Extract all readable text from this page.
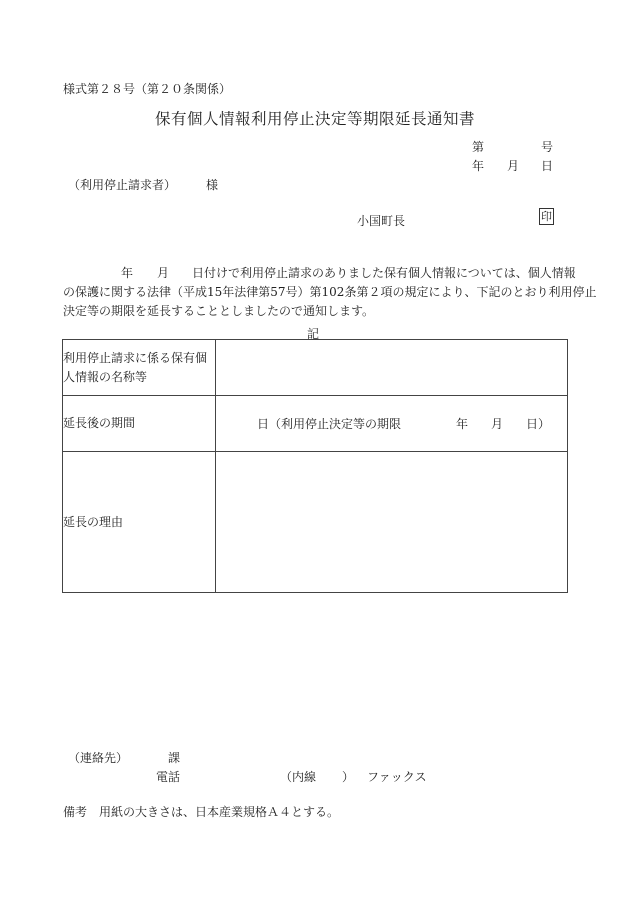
様式第２８号（第２０条関係）
保有個人情報利用停止決定等期限延長通知書
第	号
年 月 日
（利用停止請求者）	様
小国町長	印
年 月 日付けで利用停止請求のありました保有個人情報については、個人情報
の保護に関する法律（平成15年法律第57号）第102条第２項の規定により、下記のとおり利用停止
決定等の期限を延長することとしましたので通知します。
記
利用停止請求に係る保有個
人情報の名称等	

延長後の期間	日 （利用停止決定等の期限 年 月 日）

延長の理由	
（連絡先）	課
電話	（内線 ） ファックス
備考　用紙の大きさは、日本産業規格Ａ４とする。
